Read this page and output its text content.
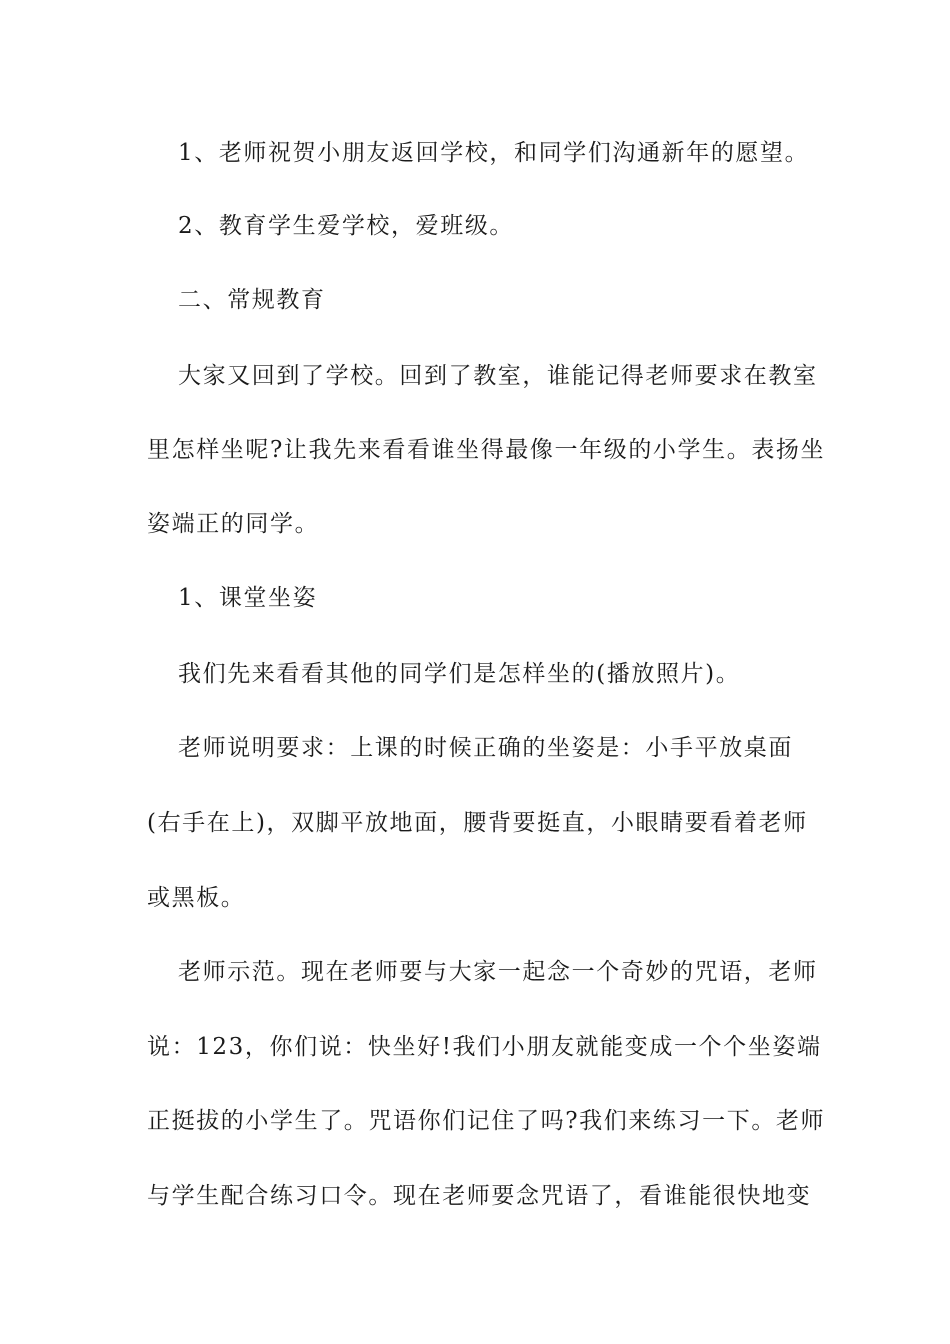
1、老师祝贺小朋友返回学校，和同学们沟通新年的愿望。
2、教育学生爱学校，爱班级。
二、常规教育
大家又回到了学校。回到了教室，谁能记得老师要求在教室
里怎样坐呢?让我先来看看谁坐得最像一年级的小学生。表扬坐
姿端正的同学。
1、课堂坐姿
我们先来看看其他的同学们是怎样坐的(播放照片)。
老师说明要求：上课的时候正确的坐姿是：小手平放桌面
(右手在上)，双脚平放地面，腰背要挺直，小眼睛要看着老师
或黑板。
老师示范。现在老师要与大家一起念一个奇妙的咒语，老师
说：123，你们说：快坐好!我们小朋友就能变成一个个坐姿端
正挺拔的小学生了。咒语你们记住了吗?我们来练习一下。老师
与学生配合练习口令。现在老师要念咒语了，看谁能很快地变
